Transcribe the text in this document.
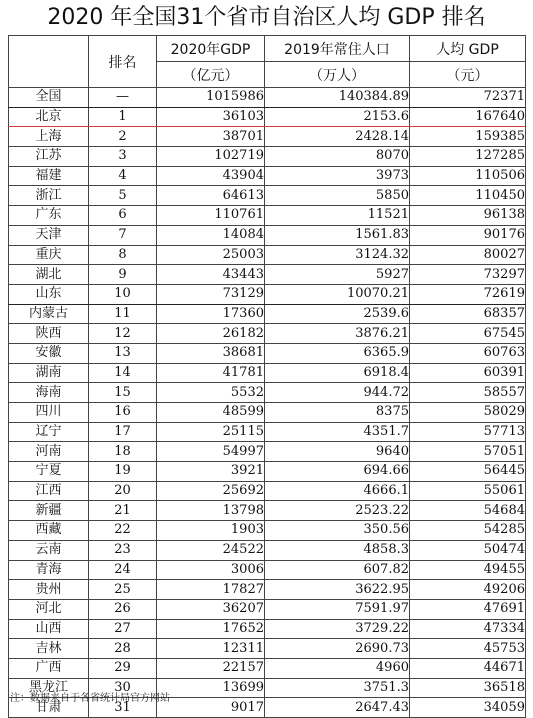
2020 年全国31个省市自治区人均 GDP 排名
	排名	2020年GDP	2019年常住人口	人均 GDP
		（亿元）	（万人）	（元）
全国	—	1015986	140384.89	72371
北京	1	36103	2153.6	167640
上海	2	38701	2428.14	159385
江苏	3	102719	8070	127285
福建	4	43904	3973	110506
浙江	5	64613	5850	110450
广东	6	110761	11521	96138
天津	7	14084	1561.83	90176
重庆	8	25003	3124.32	80027
湖北	9	43443	5927	73297
山东	10	73129	10070.21	72619
内蒙古	11	17360	2539.6	68357
陕西	12	26182	3876.21	67545
安徽	13	38681	6365.9	60763
湖南	14	41781	6918.4	60391
海南	15	5532	944.72	58557
四川	16	48599	8375	58029
辽宁	17	25115	4351.7	57713
河南	18	54997	9640	57051
宁夏	19	3921	694.66	56445
江西	20	25692	4666.1	55061
新疆	21	13798	2523.22	54684
西藏	22	1903	350.56	54285
云南	23	24522	4858.3	50474
青海	24	3006	607.82	49455
贵州	25	17827	3622.95	49206
河北	26	36207	7591.97	47691
山西	27	17652	3729.22	47334
吉林	28	12311	2690.73	45753
广西	29	22157	4960	44671
黑龙江	30	13699	3751.3	36518
甘肃	31	9017	2647.43	34059
注：数据来自于各省统计局官方网站
